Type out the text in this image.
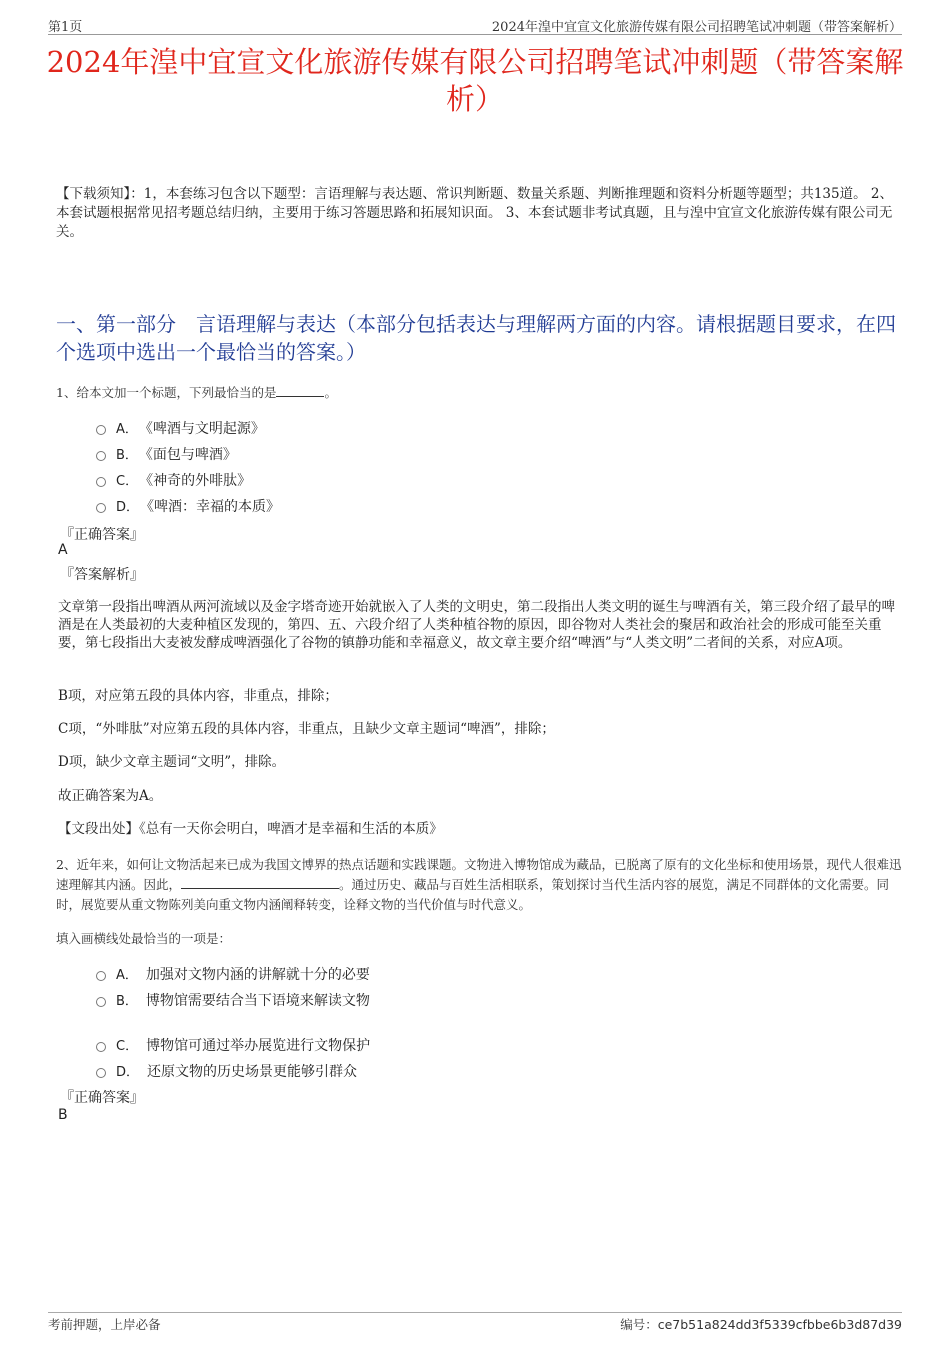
第1页	2024年湟中宜宣文化旅游传媒有限公司招聘笔试冲刺题（带答案解析）
2024年湟中宜宣文化旅游传媒有限公司招聘笔试冲刺题（带答案解析）
【下载须知】：1，本套练习包含以下题型：言语理解与表达题、常识判断题、数量关系题、判断推理题和资料分析题等题型；共135道。 2、本套试题根据常见招考题总结归纳，主要用于练习答题思路和拓展知识面。 3、本套试题非考试真题，且与湟中宜宣文化旅游传媒有限公司无关。
一、第一部分　言语理解与表达（本部分包括表达与理解两方面的内容。请根据题目要求，在四个选项中选出一个最恰当的答案。）
1、给本文加一个标题，下列最恰当的是	。
A． 《啤酒与文明起源》
B． 《面包与啤酒》
C． 《神奇的外啡肽》
D． 《啤酒：幸福的本质》
『正确答案』
A
『答案解析』
文章第一段指出啤酒从两河流域以及金字塔奇迹开始就嵌入了人类的文明史，第二段指出人类文明的诞生与啤酒有关，第三段介绍了最早的啤酒是在人类最初的大麦种植区发现的，第四、五、六段介绍了人类种植谷物的原因，即谷物对人类社会的聚居和政治社会的形成可能至关重要，第七段指出大麦被发酵成啤酒强化了谷物的镇静功能和幸福意义，故文章主要介绍“啤酒”与“人类文明”二者间的关系，对应A项。
B项，对应第五段的具体内容，非重点，排除；
C项，“外啡肽”对应第五段的具体内容，非重点，且缺少文章主题词“啤酒”，排除；
D项，缺少文章主题词“文明”，排除。
故正确答案为A。
【文段出处】《总有一天你会明白，啤酒才是幸福和生活的本质》
2、近年来，如何让文物活起来已成为我国文博界的热点话题和实践课题。文物进入博物馆成为藏品，已脱离了原有的文化坐标和使用场景，现代人很难迅速理解其内涵。因此，	。通过历史、藏品与百姓生活相联系，策划探讨当代生活内容的展览，满足不同群体的文化需要。同时，展览要从重文物陈列美向重文物内涵阐释转变，诠释文物的当代价值与时代意义。
填入画横线处最恰当的一项是：
A． 加强对文物内涵的讲解就十分的必要
B． 博物馆需要结合当下语境来解读文物
C． 博物馆可通过举办展览进行文物保护
D． 还原文物的历史场景更能够引群众
『正确答案』
B
考前押题，上岸必备	编号：ce7b51a824dd3f5339cfbbe6b3d87d39
